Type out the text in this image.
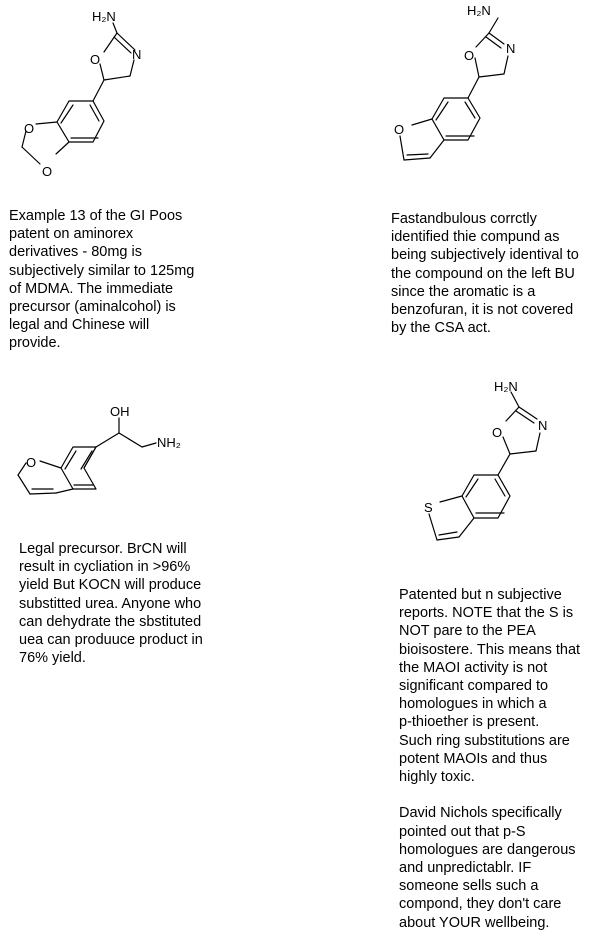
H₂N
N
O
O
O
H₂N
N
O
O
OH
NH₂
O
H₂N
N
O
S

Example 13 of the GI Poos
patent on aminorex
derivatives - 80mg is
subjectively similar to 125mg
of MDMA. The immediate
precursor (aminalcohol) is
legal and Chinese will
provide.

Fastandbulous corrctly
identified thie compund as
being subjectively identival to
the compound on the left BU
since the aromatic is a
benzofuran, it is not covered
by the CSA act.

Legal precursor. BrCN will
result in cycliation in >96%
yield But KOCN will produce
substitted urea. Anyone who
can dehydrate the sbstituted
uea can produuce product in
76% yield.

Patented but n subjective
reports. NOTE that the S is
NOT pare to the PEA
bioisostere. This means that
the MAOI activity is not
significant compared to
homologues in which a
p-thioether is present.
Such ring substitutions are
potent MAOIs and thus
highly toxic.

David Nichols specifically
pointed out that p-S
homologues are dangerous
and unpredictablr. IF
someone sells such a
compond, they don't care
about YOUR wellbeing.
